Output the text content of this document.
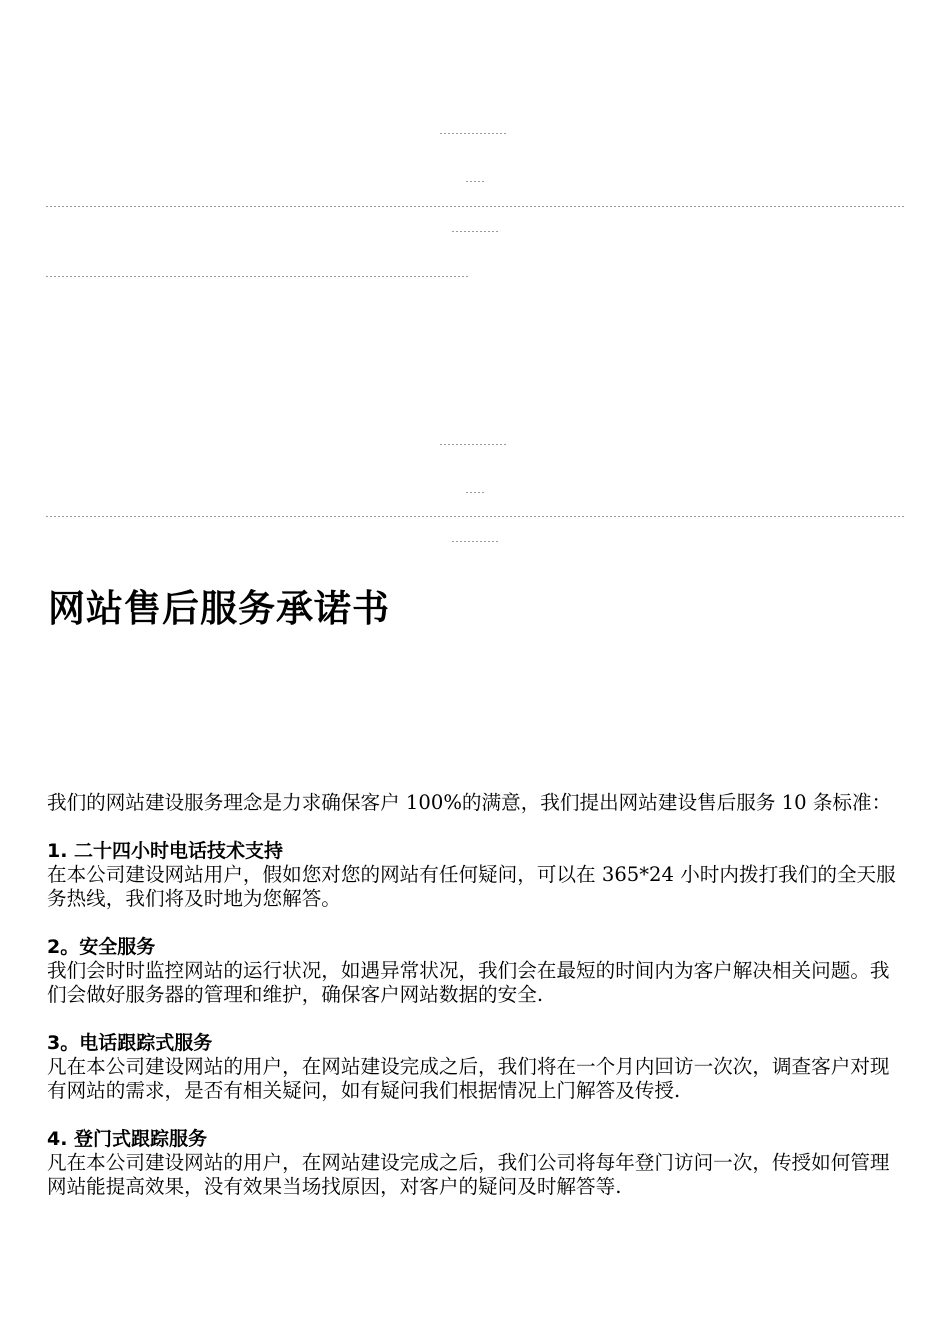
网站售后服务承诺书

我们的网站建设服务理念是力求确保客户 100%的满意，我们提出网站建设售后服务 10 条标准：

1. 二十四小时电话技术支持

在本公司建设网站用户，假如您对您的网站有任何疑问，可以在 365*24 小时内拨打我们的全天服务热线，我们将及时地为您解答。

2。安全服务

我们会时时监控网站的运行状况，如遇异常状况，我们会在最短的时间内为客户解决相关问题。我们会做好服务器的管理和维护，确保客户网站数据的安全.

3。电话跟踪式服务

凡在本公司建设网站的用户，在网站建设完成之后，我们将在一个月内回访一次次，调查客户对现有网站的需求，是否有相关疑问，如有疑问我们根据情况上门解答及传授.

4. 登门式跟踪服务

凡在本公司建设网站的用户，在网站建设完成之后，我们公司将每年登门访问一次，传授如何管理网站能提高效果，没有效果当场找原因，对客户的疑问及时解答等.
